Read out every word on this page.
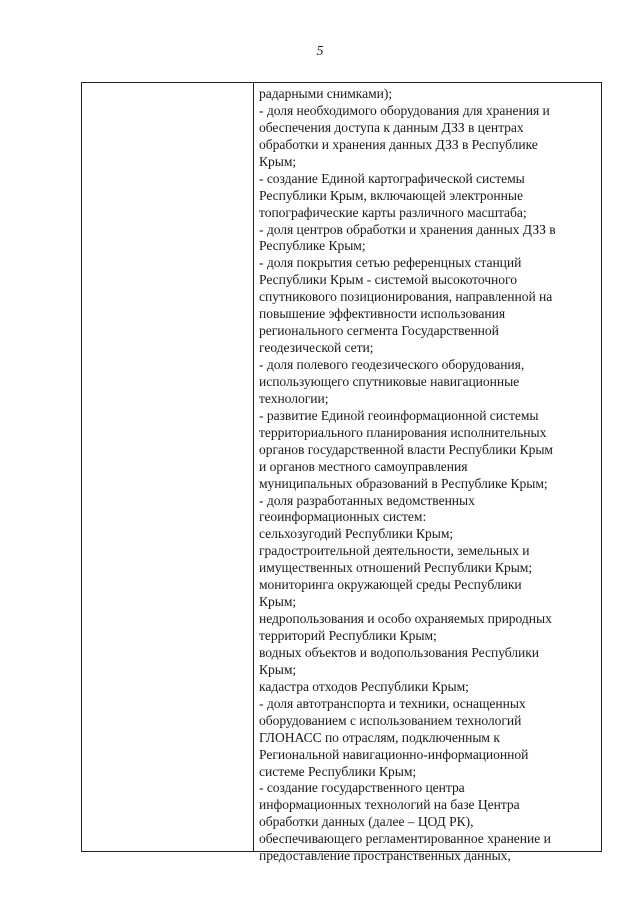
5
радарными снимками);
- доля необходимого оборудования для хранения и
обеспечения доступа к данным ДЗЗ в центрах
обработки и хранения данных ДЗЗ в Республике
Крым;
- создание Единой картографической системы
Республики Крым, включающей электронные
топографические карты различного масштаба;
- доля центров обработки и хранения данных ДЗЗ в
Республике Крым;
- доля покрытия сетью референцных станций
Республики Крым - системой высокоточного
спутникового позиционирования, направленной на
повышение эффективности использования
регионального сегмента Государственной
геодезической сети;
- доля полевого геодезического оборудования,
использующего спутниковые навигационные
технологии;
- развитие Единой геоинформационной системы
территориального планирования исполнительных
органов государственной власти Республики Крым
и органов местного самоуправления
муниципальных образований в Республике Крым;
- доля разработанных ведомственных
геоинформационных систем:
сельхозугодий Республики Крым;
градостроительной деятельности, земельных и
имущественных отношений Республики Крым;
мониторинга окружающей среды Республики
Крым;
недропользования и особо охраняемых природных
территорий Республики Крым;
водных объектов и водопользования Республики
Крым;
кадастра отходов Республики Крым;
- доля автотранспорта и техники, оснащенных
оборудованием с использованием технологий
ГЛОНАСС по отраслям, подключенным к
Региональной навигационно-информационной
системе Республики Крым;
- создание государственного центра
информационных технологий на базе Центра
обработки данных (далее – ЦОД РК),
обеспечивающего регламентированное хранение и
предоставление пространственных данных,
